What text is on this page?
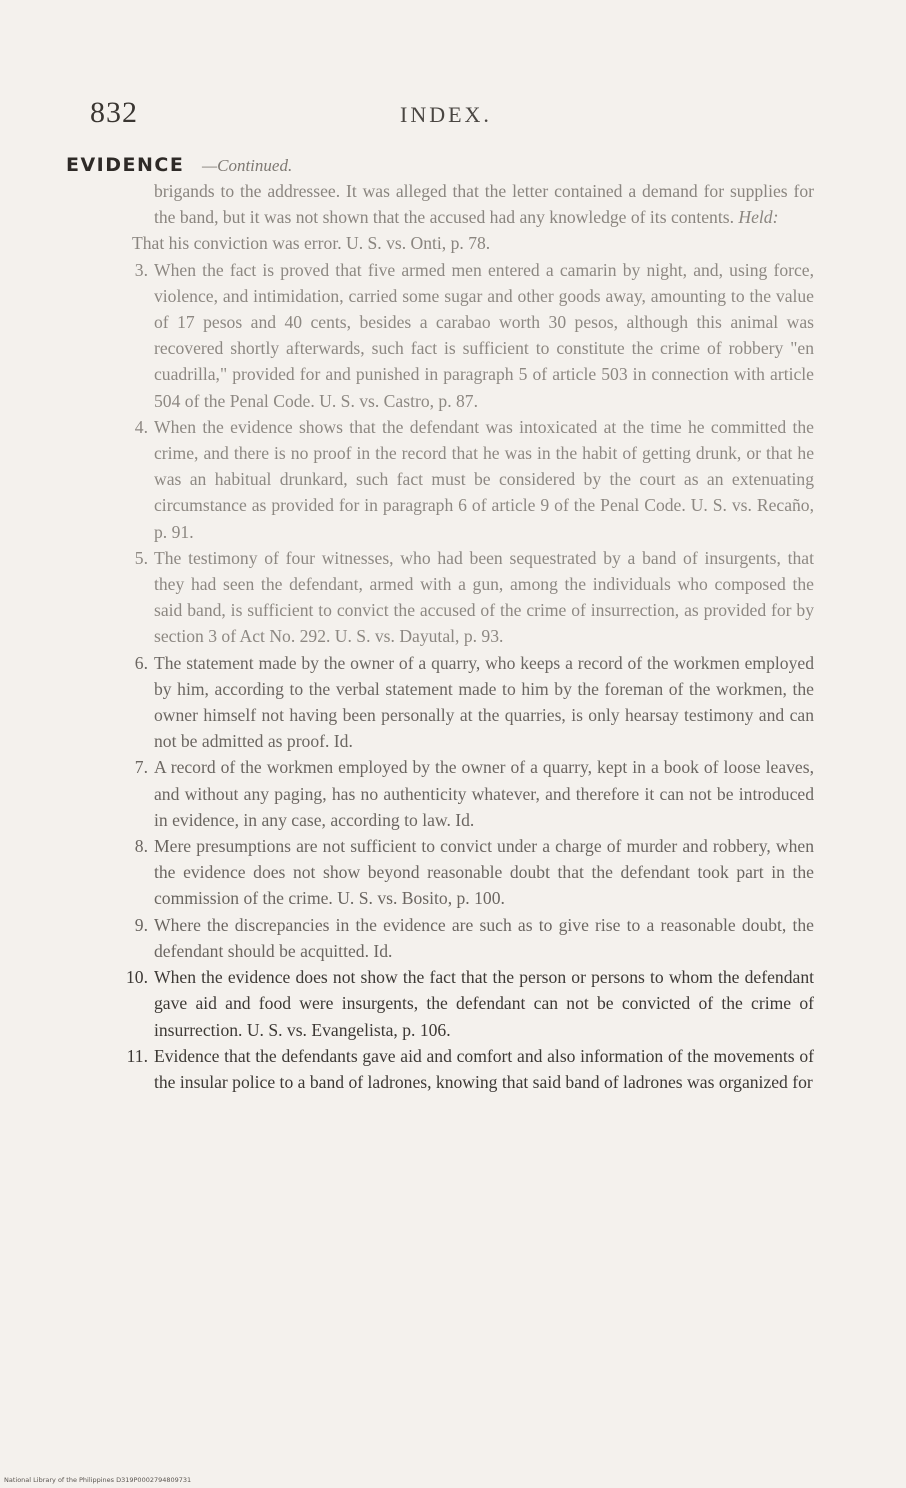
832	INDEX.
EVIDENCE —Continued.
brigands to the addressee. It was alleged that the letter contained a demand for supplies for the band, but it was not shown that the accused had any knowledge of its contents. Held:
That his conviction was error. U. S. vs. Onti, p. 78.
3. When the fact is proved that five armed men entered a camarin by night, and, using force, violence, and intimidation, carried some sugar and other goods away, amounting to the value of 17 pesos and 40 cents, besides a carabao worth 30 pesos, although this animal was recovered shortly afterwards, such fact is sufficient to constitute the crime of robbery "en cuadrilla," provided for and punished in paragraph 5 of article 503 in connection with article 504 of the Penal Code. U. S. vs. Castro, p. 87.
4. When the evidence shows that the defendant was intoxicated at the time he committed the crime, and there is no proof in the record that he was in the habit of getting drunk, or that he was an habitual drunkard, such fact must be considered by the court as an extenuating circumstance as provided for in paragraph 6 of article 9 of the Penal Code. U. S. vs. Recaño, p. 91.
5. The testimony of four witnesses, who had been sequestrated by a band of insurgents, that they had seen the defendant, armed with a gun, among the individuals who composed the said band, is sufficient to convict the accused of the crime of insurrection, as provided for by section 3 of Act No. 292. U. S. vs. Dayutal, p. 93.
6. The statement made by the owner of a quarry, who keeps a record of the workmen employed by him, according to the verbal statement made to him by the foreman of the workmen, the owner himself not having been personally at the quarries, is only hearsay testimony and can not be admitted as proof. Id.
7. A record of the workmen employed by the owner of a quarry, kept in a book of loose leaves, and without any paging, has no authenticity whatever, and therefore it can not be introduced in evidence, in any case, according to law. Id.
8. Mere presumptions are not sufficient to convict under a charge of murder and robbery, when the evidence does not show beyond reasonable doubt that the defendant took part in the commission of the crime. U. S. vs. Bosito, p. 100.
9. Where the discrepancies in the evidence are such as to give rise to a reasonable doubt, the defendant should be acquitted. Id.
10. When the evidence does not show the fact that the person or persons to whom the defendant gave aid and food were insurgents, the defendant can not be convicted of the crime of insurrection. U. S. vs. Evangelista, p. 106.
11. Evidence that the defendants gave aid and comfort and also information of the movements of the insular police to a band of ladrones, knowing that said band of ladrones was organized for
National Library of the Philippines D319P0002794809731
